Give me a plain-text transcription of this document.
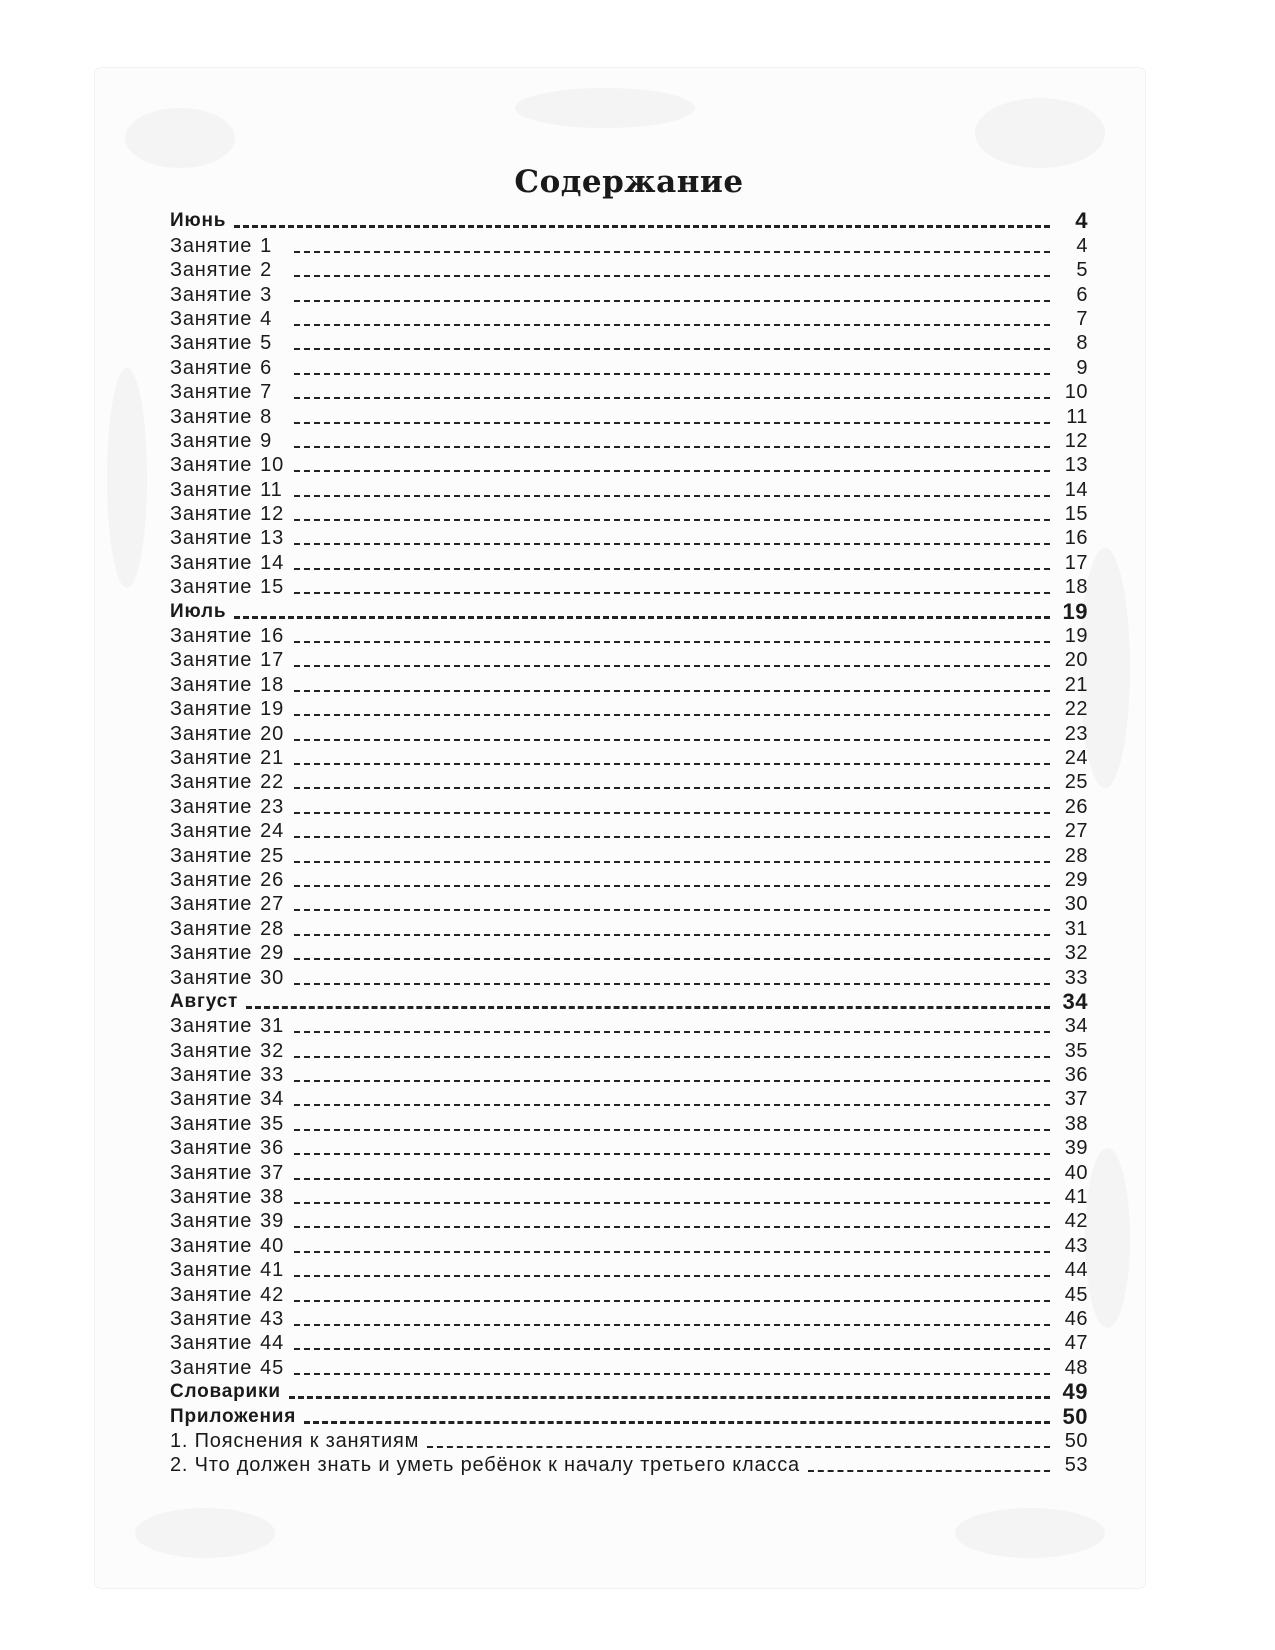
Содержание
Июнь	4
Занятие 1	4
Занятие 2	5
Занятие 3	6
Занятие 4	7
Занятие 5	8
Занятие 6	9
Занятие 7	10
Занятие 8	11
Занятие 9	12
Занятие 10	13
Занятие 11	14
Занятие 12	15
Занятие 13	16
Занятие 14	17
Занятие 15	18
Июль	19
Занятие 16	19
Занятие 17	20
Занятие 18	21
Занятие 19	22
Занятие 20	23
Занятие 21	24
Занятие 22	25
Занятие 23	26
Занятие 24	27
Занятие 25	28
Занятие 26	29
Занятие 27	30
Занятие 28	31
Занятие 29	32
Занятие 30	33
Август	34
Занятие 31	34
Занятие 32	35
Занятие 33	36
Занятие 34	37
Занятие 35	38
Занятие 36	39
Занятие 37	40
Занятие 38	41
Занятие 39	42
Занятие 40	43
Занятие 41	44
Занятие 42	45
Занятие 43	46
Занятие 44	47
Занятие 45	48
Словарики	49
Приложения	50
1. Пояснения к занятиям	50
2. Что должен знать и уметь ребёнок к началу третьего класса	53
